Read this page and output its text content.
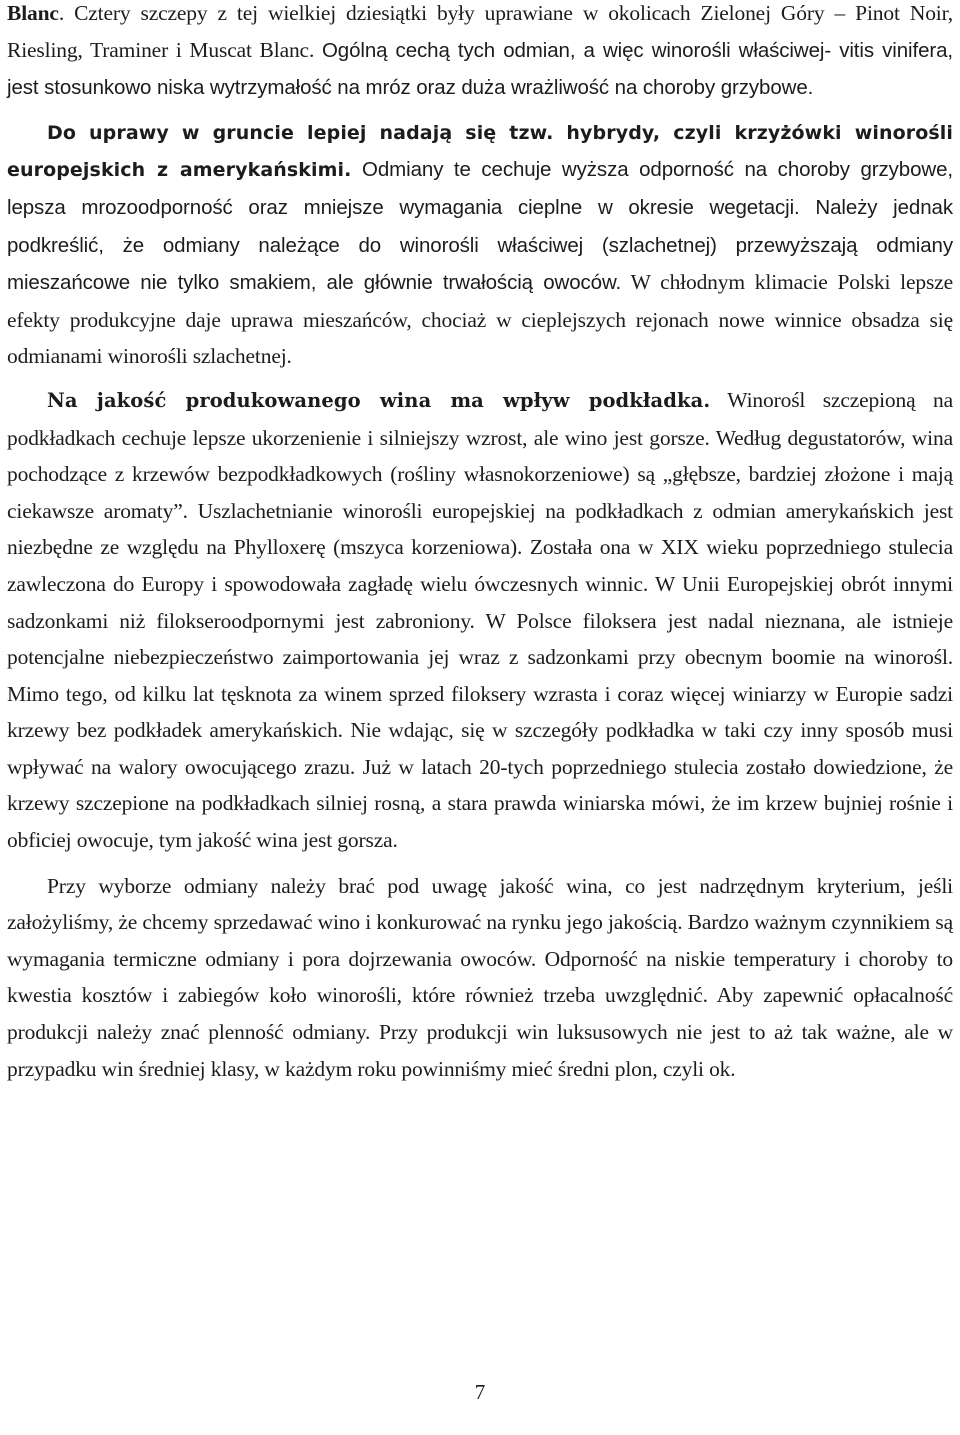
Blanc. Cztery szczepy z tej wielkiej dziesiątki były uprawiane w okolicach Zielonej Góry – Pinot Noir, Riesling, Traminer i Muscat Blanc. Ogólną cechą tych odmian, a więc winorośli właściwej- vitis vinifera, jest stosunkowo niska wytrzymałość na mróz oraz duża wrażliwość na choroby grzybowe.

Do uprawy w gruncie lepiej nadają się tzw. hybrydy, czyli krzyżówki winorośli europejskich z amerykańskimi. Odmiany te cechuje wyższa odporność na choroby grzybowe, lepsza mrozoodporność oraz mniejsze wymagania cieplne w okresie wegetacji. Należy jednak podkreślić, że odmiany należące do winorośli właściwej (szlachetnej) przewyższają odmiany mieszańcowe nie tylko smakiem, ale głównie trwałością owoców. W chłodnym klimacie Polski lepsze efekty produkcyjne daje uprawa mieszańców, chociaż w cieplejszych rejonach nowe winnice obsadza się odmianami winorośli szlachetnej.

Na jakość produkowanego wina ma wpływ podkładka. Winorośl szczepioną na podkładkach cechuje lepsze ukorzenienie i silniejszy wzrost, ale wino jest gorsze. Według degustatorów, wina pochodzące z krzewów bezpodkładkowych (rośliny własnokorzeniowe) są „głębsze, bardziej złożone i mają ciekawsze aromaty”. Uszlachetnianie winorośli europejskiej na podkładkach z odmian amerykańskich jest niezbędne ze względu na Phylloxerę (mszyca korzeniowa). Została ona w XIX wieku poprzedniego stulecia zawleczona do Europy i spowodowała zagładę wielu ówczesnych winnic. W Unii Europejskiej obrót innymi sadzonkami niż filokseroodpornymi jest zabroniony. W Polsce filoksera jest nadal nieznana, ale istnieje potencjalne niebezpieczeństwo zaimportowania jej wraz z sadzonkami przy obecnym boomie na winorośl. Mimo tego, od kilku lat tęsknota za winem sprzed filoksery wzrasta i coraz więcej winiarzy w Europie sadzi krzewy bez podkładek amerykańskich. Nie wdając, się w szczegóły podkładka w taki czy inny sposób musi wpływać na walory owocującego zrazu. Już w latach 20-tych poprzedniego stulecia zostało dowiedzione, że krzewy szczepione na podkładkach silniej rosną, a stara prawda winiarska mówi, że im krzew bujniej rośnie i obficiej owocuje, tym jakość wina jest gorsza.

Przy wyborze odmiany należy brać pod uwagę jakość wina, co jest nadrzędnym kryterium, jeśli założyliśmy, że chcemy sprzedawać wino i konkurować na rynku jego jakością. Bardzo ważnym czynnikiem są wymagania termiczne odmiany i pora dojrzewania owoców. Odporność na niskie temperatury i choroby to kwestia kosztów i zabiegów koło winorośli, które również trzeba uwzględnić. Aby zapewnić opłacalność produkcji należy znać plenność odmiany. Przy produkcji win luksusowych nie jest to aż tak ważne, ale w przypadku win średniej klasy, w każdym roku powinniśmy mieć średni plon, czyli ok.

7
